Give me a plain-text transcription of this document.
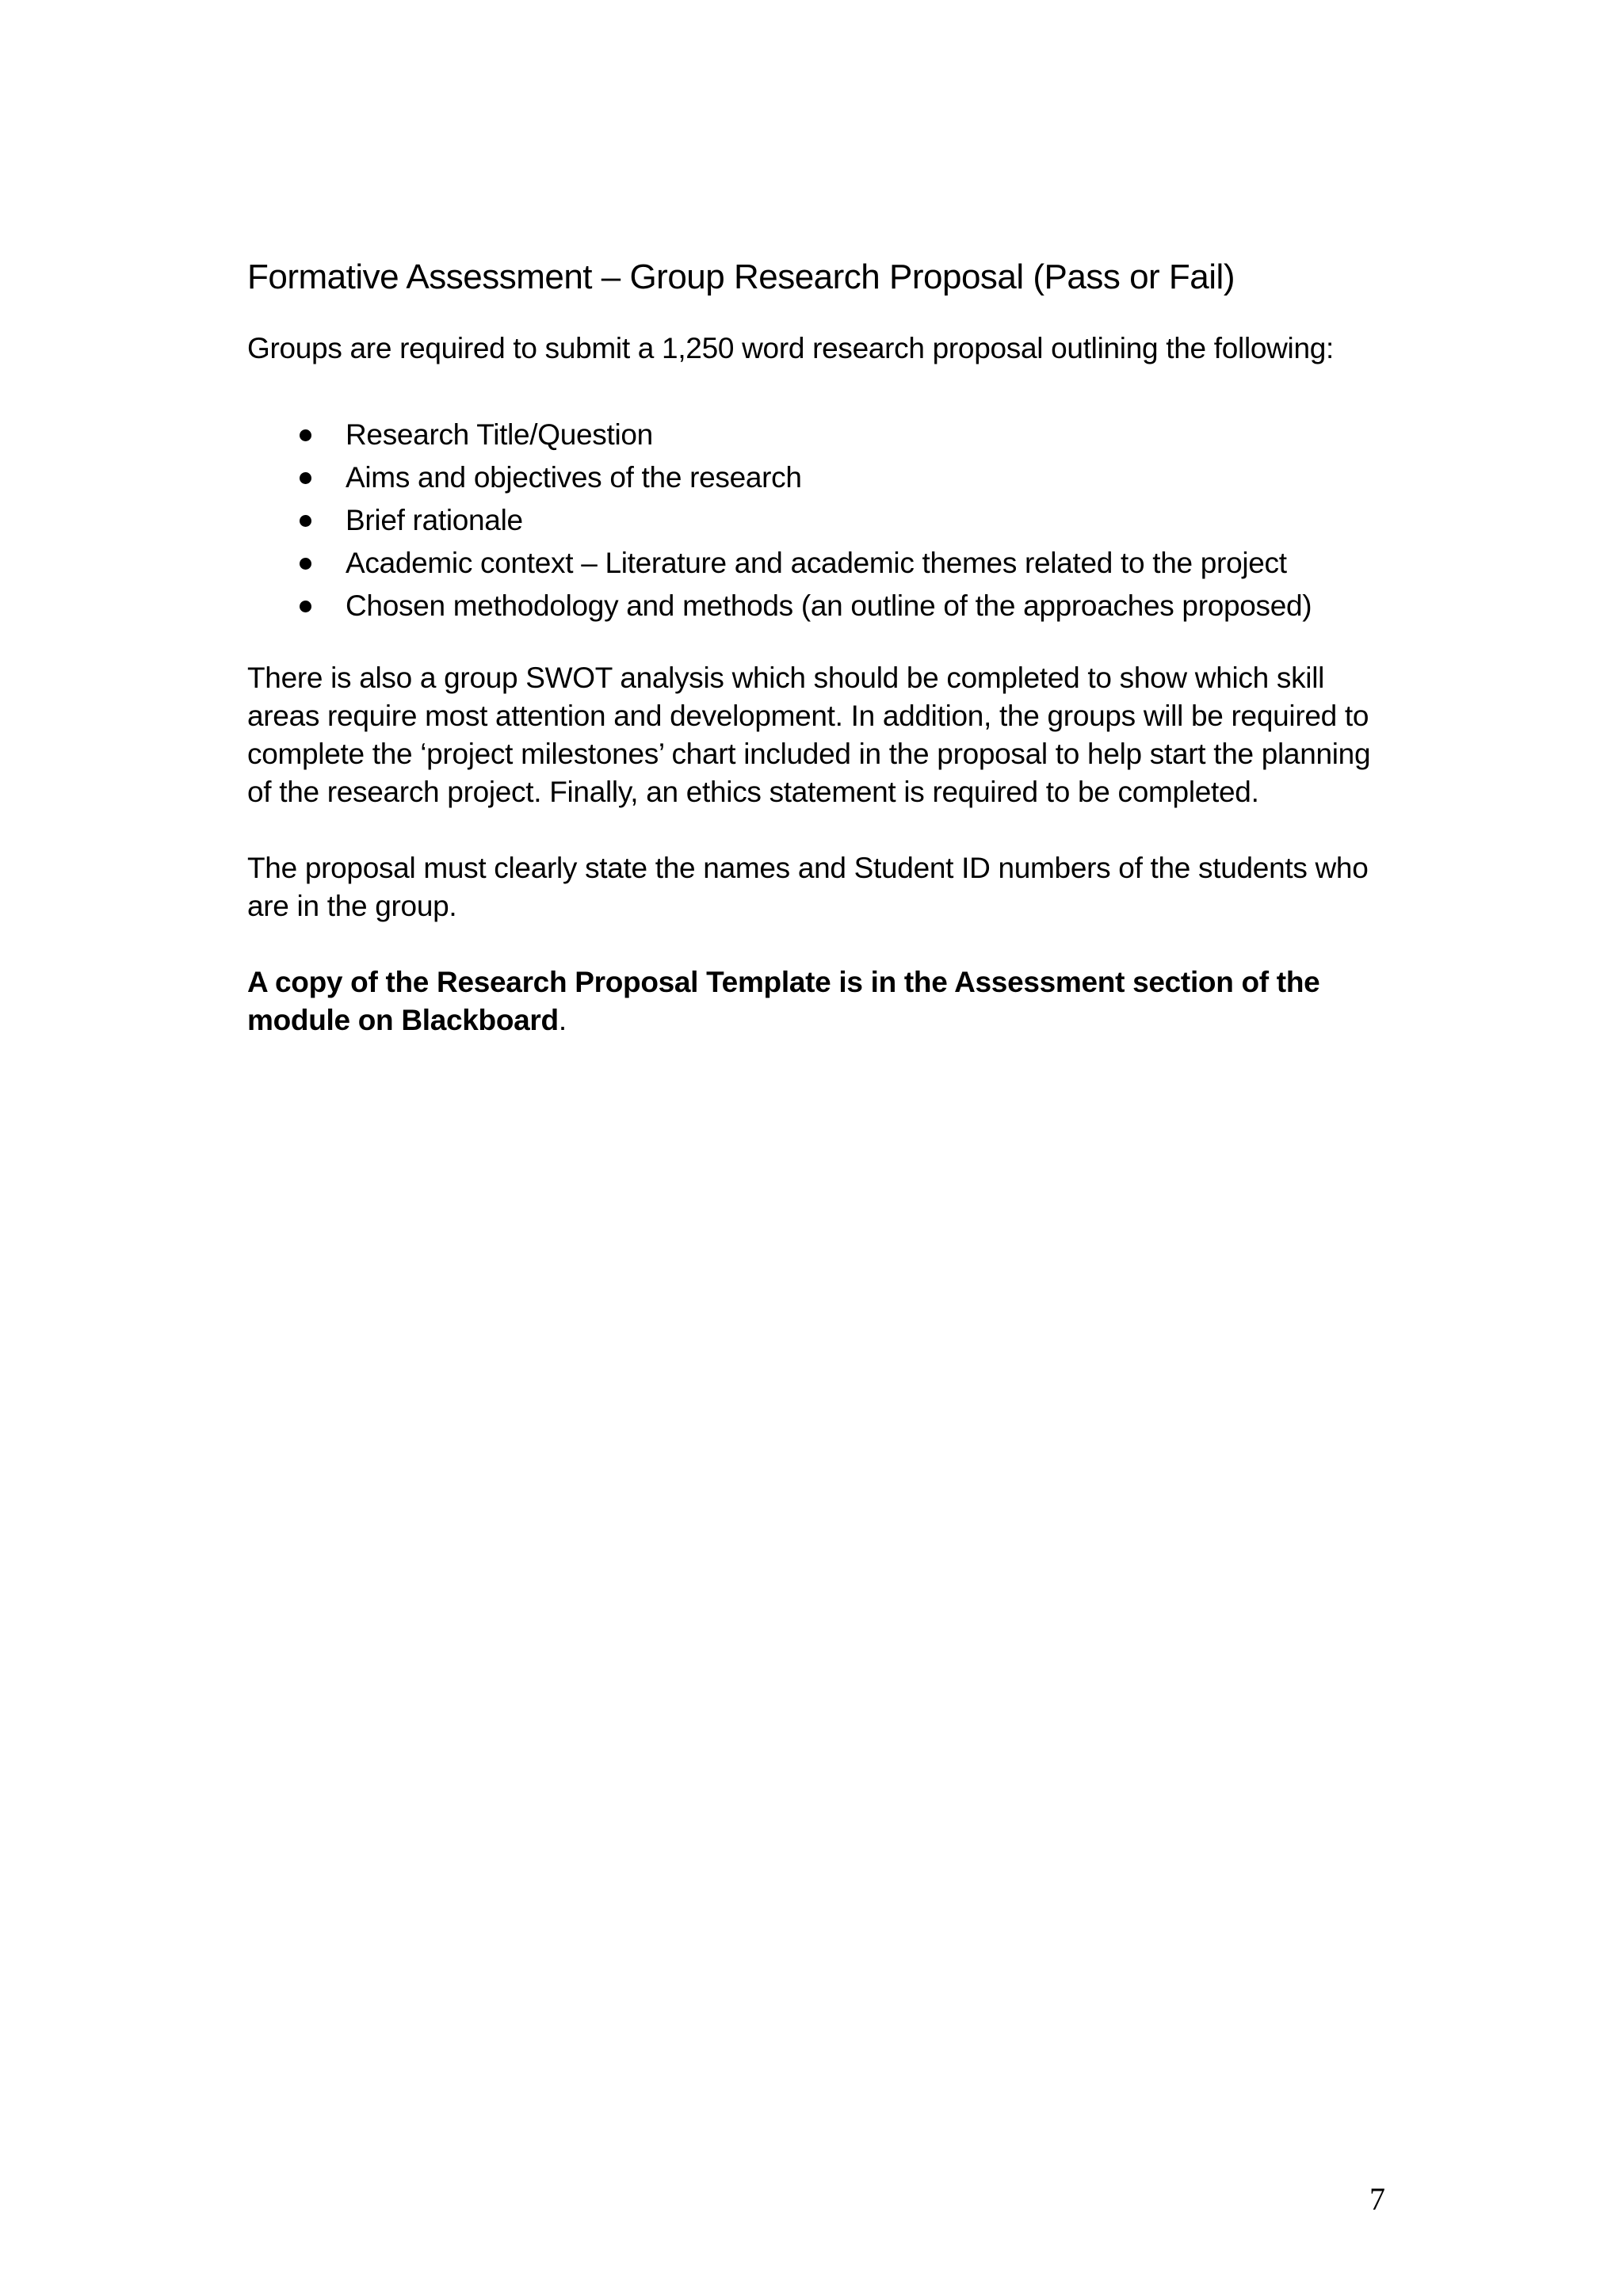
Formative Assessment – Group Research Proposal (Pass or Fail)

Groups are required to submit a 1,250 word research proposal outlining the following:

Research Title/Question
Aims and objectives of the research
Brief rationale
Academic context – Literature and academic themes related to the project
Chosen methodology and methods (an outline of the approaches proposed)

There is also a group SWOT analysis which should be completed to show which skill areas require most attention and development. In addition, the groups will be required to complete the ‘project milestones’ chart included in the proposal to help start the planning of the research project. Finally, an ethics statement is required to be completed.

The proposal must clearly state the names and Student ID numbers of the students who are in the group.

A copy of the Research Proposal Template is in the Assessment section of the module on Blackboard.

7
